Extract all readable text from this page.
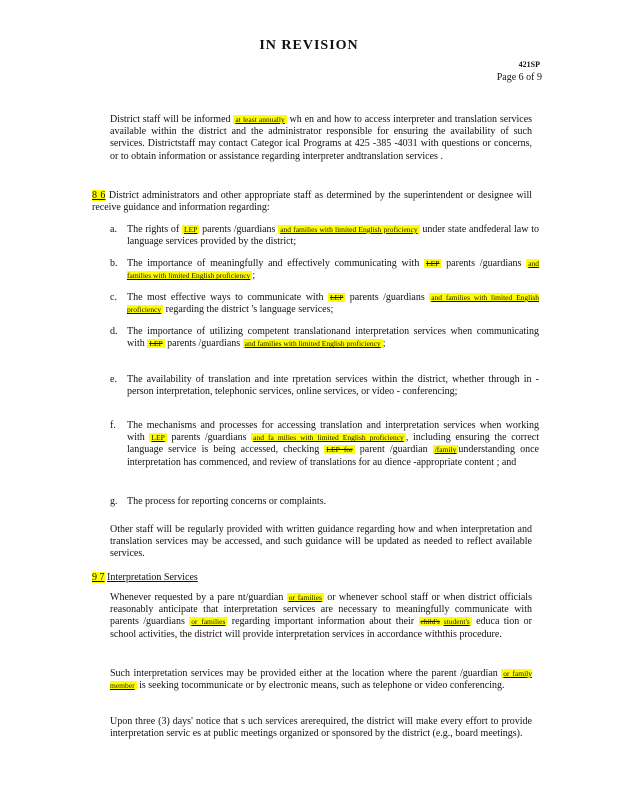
IN REVISION
421SP
Page 6 of 9
District staff will be informed at least annually wh en and how to access interpreter and translation services available within the district and the administrator responsible for ensuring the availability of such services. Districtstaff may contact Categor ical Programs at 425 -385 -4031 with questions or concerns, or to obtain information or assistance regarding interpreter andtranslation services .
8 6 District administrators and other appropriate staff as determined by the superintendent or designee will receive guidance and information regarding:
a.	The rights of LEP parents /guardians and families with limited English proficiency under state andfederal law to language services provided by the district;
b. The importance of meaningfully and effectively communicating with LEP parents /guardians and families with limited English proficiency ;
c.	The most effective ways to communicate with LEP parents /guardians and families with limited English proficiency regarding the district 's language services;
d. The importance of utilizing competent translationand interpretation services when communicating with LEP parents /guardians and families with limited English proficiency ;
e.	The availability of translation and inte rpretation services within the district, whether through in -person interpretation, telephonic services, online services, or video - conferencing;
f.	The mechanisms and processes for accessing translation and interpretation services when working with LEP parents /guardians and fa milies with limited English proficiency , including ensuring the correct language service is being accessed, checking LEP for parent /guardian /family understanding once interpretation has commenced, and review of translations for au dience -appropriate content ; and
g. The process for reporting concerns or complaints.
Other staff will be regularly provided with written guidance regarding how and when interpretation and translation services may be accessed, and such guidance will be updated as needed to reflect available services.
9 7 Interpretation Services
Whenever requested by a pare nt/guardian or families or whenever school staff or when district officials reasonably anticipate that interpretation services are necessary to meaningfully communicate with parents /guardians or families regarding important information about their child's student's educa tion or school activities, the district will provide interpretation services in accordance withthis procedure.
Such interpretation services may be provided either at the location where the parent /guardian or family member is seeking tocommunicate or by electronic means, such as telephone or video conferencing.
Upon three (3) days' notice that s uch services arerequired, the district will make every effort to provide interpretation servic es at public meetings organized or sponsored by the district (e.g., board meetings).
